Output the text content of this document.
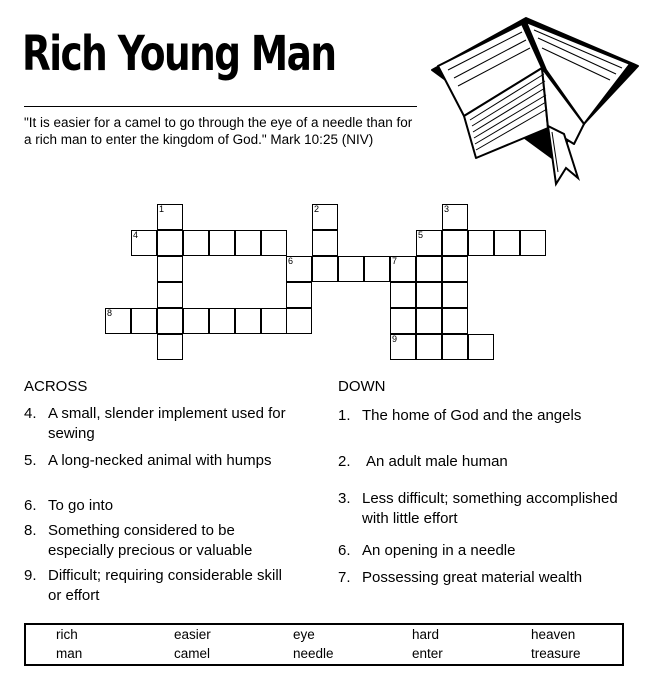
Rich Young Man
"It is easier for a camel to go through the eye of a needle than for a rich man to enter the kingdom of God." Mark 10:25 (NIV)
1
4
2
6	7
8
9
3
5
ACROSS	DOWN
4. A small, slender implement used for sewing
5. A long-necked animal with humps
6. To go into
8. Something considered to be especially precious or valuable
9. Difficult; requiring considerable skill or effort
1. The home of God and the angels
2. An adult male human
3. Less difficult; something accomplished with little effort
6. An opening in a needle
7. Possessing great material wealth
rich	easier	eye	hard	heaven
man	camel	needle	enter	treasure
